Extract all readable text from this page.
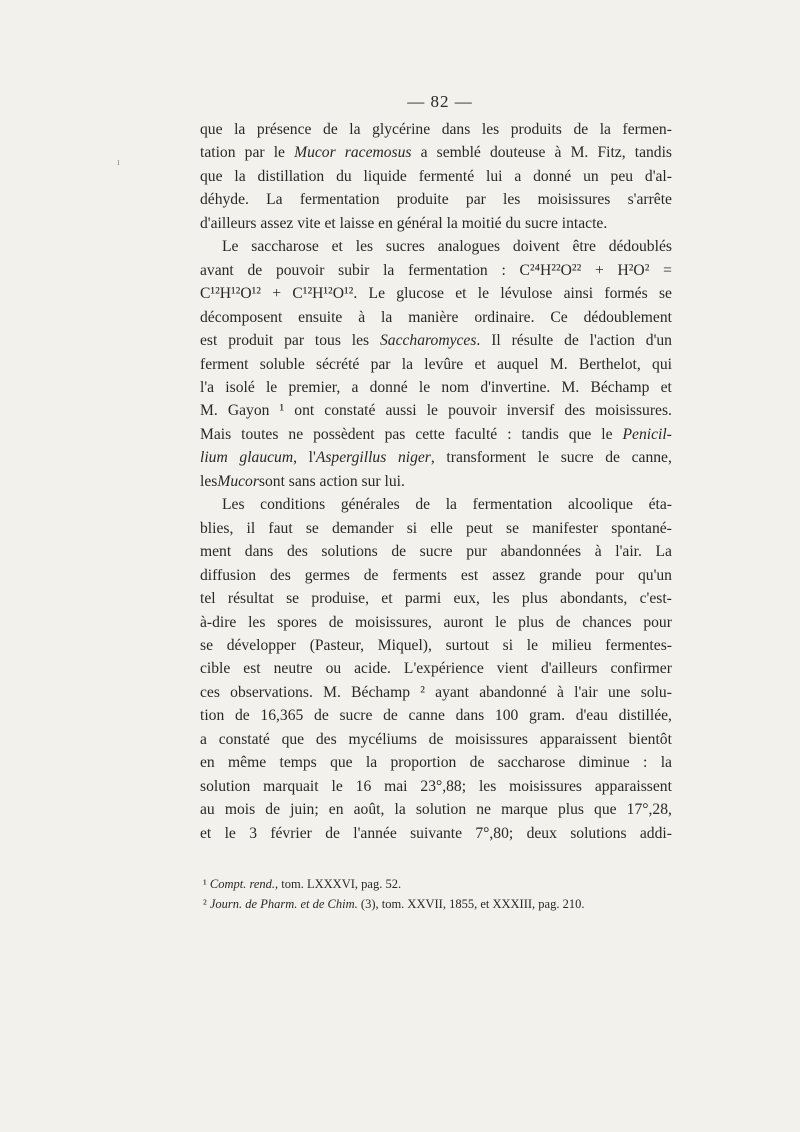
ı
— 82 —
que la présence de la glycérine dans les produits de la fermen-
tation par le Mucor racemosus a semblé douteuse à M. Fitz, tandis
que la distillation du liquide fermenté lui a donné un peu d'al-
déhyde. La fermentation produite par les moisissures s'arrête
d'ailleurs assez vite et laisse en général la moitié du sucre intacte.
Le saccharose et les sucres analogues doivent être dédoublés
avant de pouvoir subir la fermentation : C²⁴H²²O²² + H²O² =
C¹²H¹²O¹² + C¹²H¹²O¹². Le glucose et le lévulose ainsi formés se
décomposent ensuite à la manière ordinaire. Ce dédoublement
est produit par tous les Saccharomyces. Il résulte de l'action d'un
ferment soluble sécrété par la levûre et auquel M. Berthelot, qui
l'a isolé le premier, a donné le nom d'invertine. M. Béchamp et
M. Gayon ¹ ont constaté aussi le pouvoir inversif des moisissures.
Mais toutes ne possèdent pas cette faculté : tandis que le Penicil-
lium glaucum, l'Aspergillus niger, transforment le sucre de canne,
les Mucor sont sans action sur lui.
Les conditions générales de la fermentation alcoolique éta-
blies, il faut se demander si elle peut se manifester spontané-
ment dans des solutions de sucre pur abandonnées à l'air. La
diffusion des germes de ferments est assez grande pour qu'un
tel résultat se produise, et parmi eux, les plus abondants, c'est-
à-dire les spores de moisissures, auront le plus de chances pour
se développer (Pasteur, Miquel), surtout si le milieu fermentes-
cible est neutre ou acide. L'expérience vient d'ailleurs confirmer
ces observations. M. Béchamp ² ayant abandonné à l'air une solu-
tion de 16,365 de sucre de canne dans 100 gram. d'eau distillée,
a constaté que des mycéliums de moisissures apparaissent bientôt
en même temps que la proportion de saccharose diminue : la
solution marquait le 16 mai 23°,88; les moisissures apparaissent
au mois de juin; en août, la solution ne marque plus que 17°,28,
et le 3 février de l'année suivante 7°,80; deux solutions addi-
¹ Compt. rend., tom. LXXXVI, pag. 52.
² Journ. de Pharm. et de Chim. (3), tom. XXVII, 1855, et XXXIII, pag. 210.
